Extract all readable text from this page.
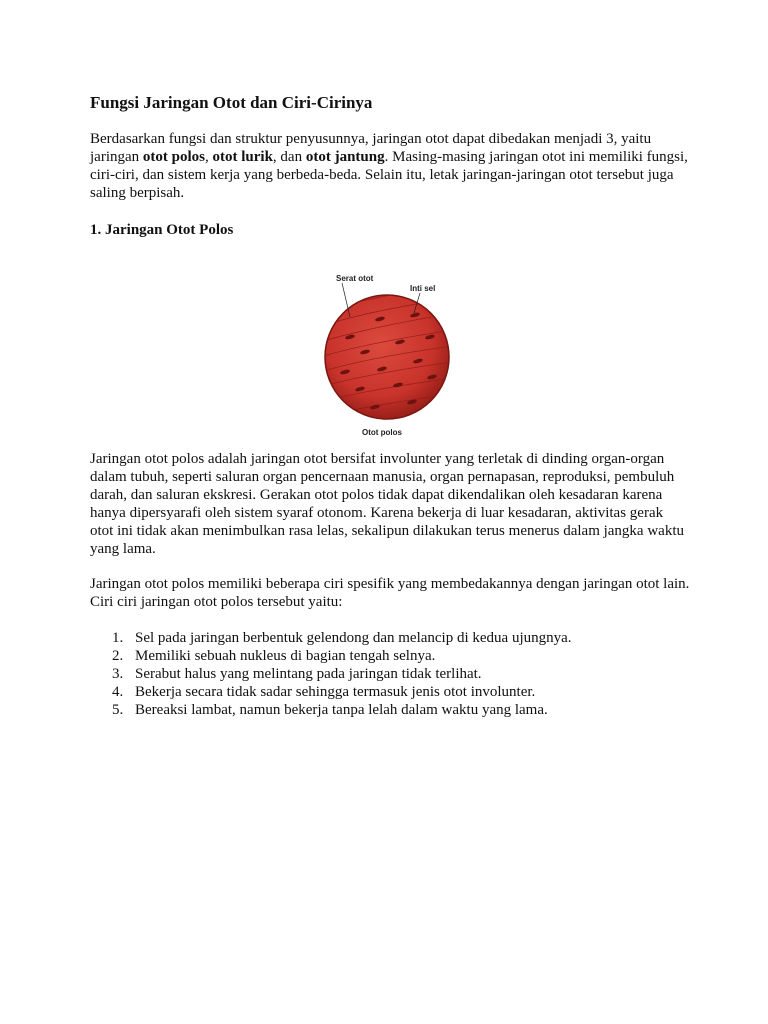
Fungsi Jaringan Otot dan Ciri-Cirinya

Berdasarkan fungsi dan struktur penyusunnya, jaringan otot dapat dibedakan menjadi 3, yaitu jaringan otot polos, otot lurik, dan otot jantung. Masing-masing jaringan otot ini memiliki fungsi, ciri-ciri, dan sistem kerja yang berbeda-beda. Selain itu, letak jaringan-jaringan otot tersebut juga saling berpisah.

1. Jaringan Otot Polos

Serat otot
Inti sel
Otot polos

Jaringan otot polos adalah jaringan otot bersifat involunter yang terletak di dinding organ-organ dalam tubuh, seperti saluran organ pencernaan manusia, organ pernapasan, reproduksi, pembuluh darah, dan saluran ekskresi. Gerakan otot polos tidak dapat dikendalikan oleh kesadaran karena hanya dipersyarafi oleh sistem syaraf otonom. Karena bekerja di luar kesadaran, aktivitas gerak otot ini tidak akan menimbulkan rasa lelas, sekalipun dilakukan terus menerus dalam jangka waktu yang lama.

Jaringan otot polos memiliki beberapa ciri spesifik yang membedakannya dengan jaringan otot lain. Ciri ciri jaringan otot polos tersebut yaitu:

1. Sel pada jaringan berbentuk gelendong dan melancip di kedua ujungnya.
2. Memiliki sebuah nukleus di bagian tengah selnya.
3. Serabut halus yang melintang pada jaringan tidak terlihat.
4. Bekerja secara tidak sadar sehingga termasuk jenis otot involunter.
5. Bereaksi lambat, namun bekerja tanpa lelah dalam waktu yang lama.
